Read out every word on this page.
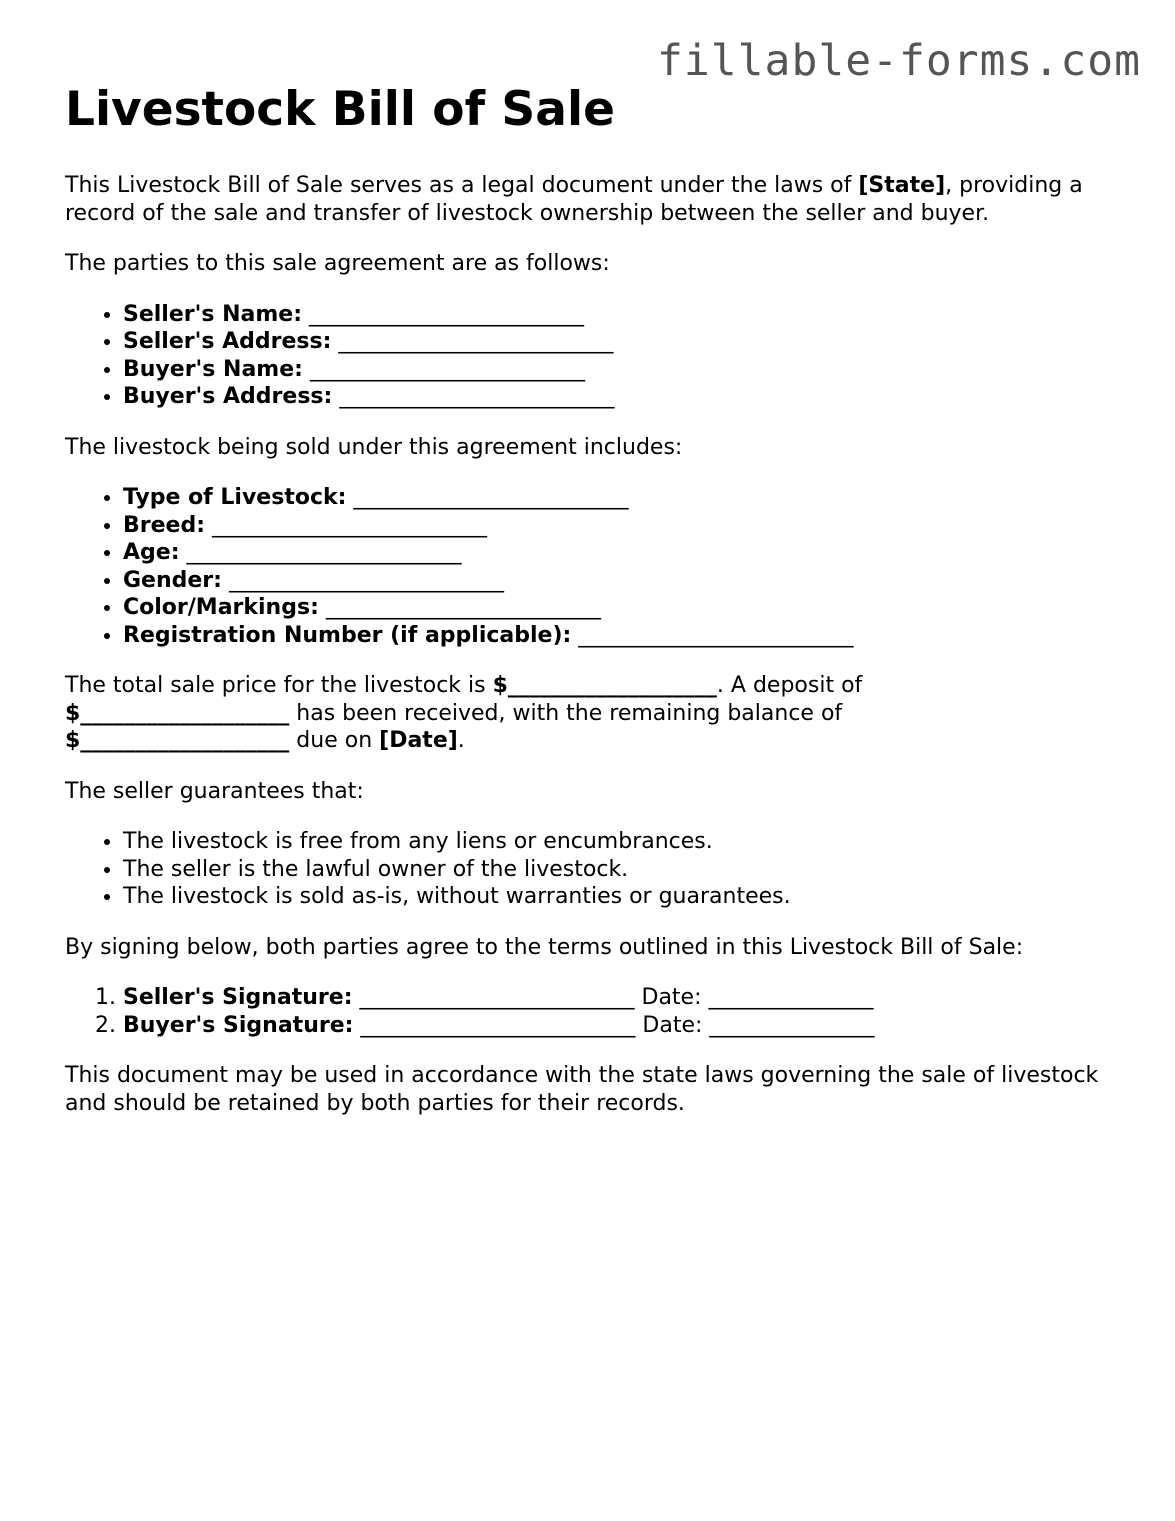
fillable-forms.com
Livestock Bill of Sale

This Livestock Bill of Sale serves as a legal document under the laws of [State], providing a record of the sale and transfer of livestock ownership between the seller and buyer.

The parties to this sale agreement are as follows:

• Seller's Name: _________________________
• Seller's Address: _________________________
• Buyer's Name: _________________________
• Buyer's Address: _________________________

The livestock being sold under this agreement includes:

• Type of Livestock: _________________________
• Breed: _________________________
• Age: _________________________
• Gender: _________________________
• Color/Markings: _________________________
• Registration Number (if applicable): _________________________

The total sale price for the livestock is $___________________. A deposit of
$___________________ has been received, with the remaining balance of
$___________________ due on [Date].

The seller guarantees that:

• The livestock is free from any liens or encumbrances.
• The seller is the lawful owner of the livestock.
• The livestock is sold as-is, without warranties or guarantees.

By signing below, both parties agree to the terms outlined in this Livestock Bill of Sale:

1. Seller's Signature: _________________________ Date: _______________
2. Buyer's Signature: _________________________ Date: _______________

This document may be used in accordance with the state laws governing the sale of livestock and should be retained by both parties for their records.
